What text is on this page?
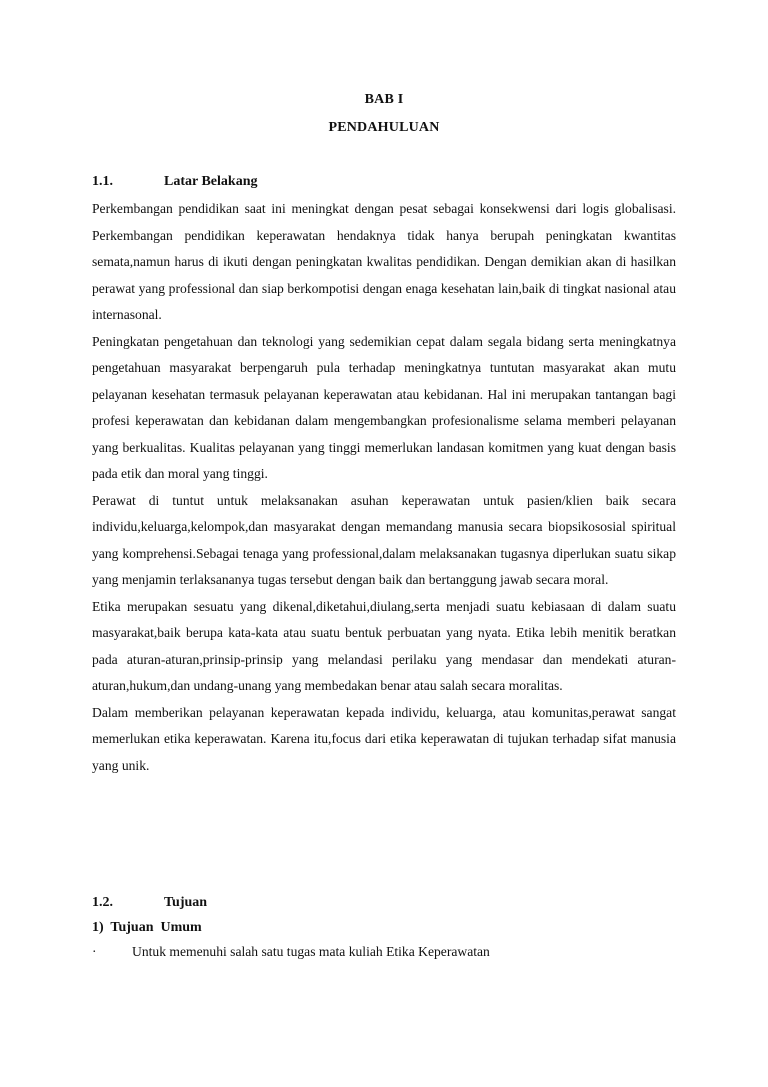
BAB I
PENDAHULUAN
1.1.	Latar Belakang

Perkembangan pendidikan saat ini meningkat dengan pesat sebagai konsekwensi dari logis globalisasi. Perkembangan pendidikan keperawatan hendaknya tidak hanya berupah peningkatan kwantitas semata,namun harus di ikuti dengan peningkatan kwalitas pendidikan. Dengan demikian akan di hasilkan perawat yang professional dan siap berkompotisi dengan enaga kesehatan lain,baik di tingkat nasional atau internasonal.

Peningkatan pengetahuan dan teknologi yang sedemikian cepat dalam segala bidang serta meningkatnya pengetahuan masyarakat berpengaruh pula terhadap meningkatnya tuntutan masyarakat akan mutu pelayanan kesehatan termasuk pelayanan keperawatan atau kebidanan. Hal ini merupakan tantangan bagi profesi keperawatan dan kebidanan dalam mengembangkan profesionalisme selama memberi pelayanan yang berkualitas. Kualitas pelayanan yang tinggi memerlukan landasan komitmen yang kuat dengan basis pada etik dan moral yang tinggi.

Perawat di tuntut untuk melaksanakan asuhan keperawatan untuk pasien/klien baik secara individu,keluarga,kelompok,dan masyarakat dengan memandang manusia secara biopsikososial spiritual yang komprehensi.Sebagai tenaga yang professional,dalam melaksanakan tugasnya diperlukan suatu sikap yang menjamin terlaksananya tugas tersebut dengan baik dan bertanggung jawab secara moral.

Etika merupakan sesuatu yang dikenal,diketahui,diulang,serta menjadi suatu kebiasaan di dalam suatu masyarakat,baik berupa kata-kata atau suatu bentuk perbuatan yang nyata. Etika lebih menitik beratkan pada aturan-aturan,prinsip-prinsip yang melandasi perilaku yang mendasar dan mendekati aturan-aturan,hukum,dan undang-unang yang membedakan benar atau salah secara moralitas.

Dalam memberikan pelayanan keperawatan kepada individu, keluarga, atau komunitas,perawat sangat memerlukan etika keperawatan. Karena itu,focus dari etika keperawatan di tujukan terhadap sifat manusia yang unik.

1.2.	Tujuan
1)  Tujuan  Umum
·	Untuk memenuhi salah satu tugas mata kuliah Etika Keperawatan
